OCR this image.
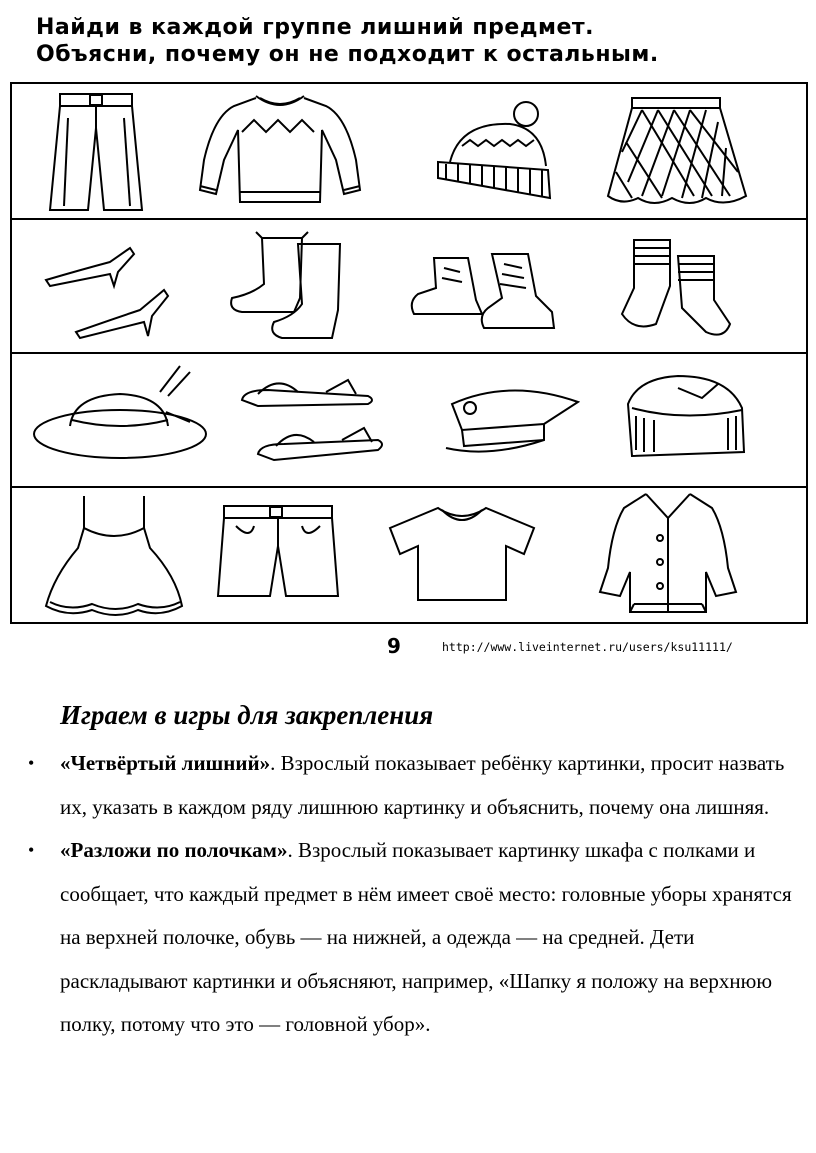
Найди в каждой группе лишний предмет.
Объясни, почему он не подходит к остальным.
9	http://www.liveinternet.ru/users/ksu11111/
Играем в игры для закрепления
• «Четвёртый лишний». Взрослый показывает ребёнку картинки, просит назвать их, указать в каждом ряду лишнюю картинку и объяснить, почему она лишняя.
• «Разложи по полочкам». Взрослый показывает картинку шкафа с полками и сообщает, что каждый предмет в нём имеет своё место: головные уборы хранятся на верхней полочке, обувь — на нижней, а одежда — на средней. Дети раскладывают картинки и объясняют, например, «Шапку я положу на верхнюю полку, потому что это — головной убор».
